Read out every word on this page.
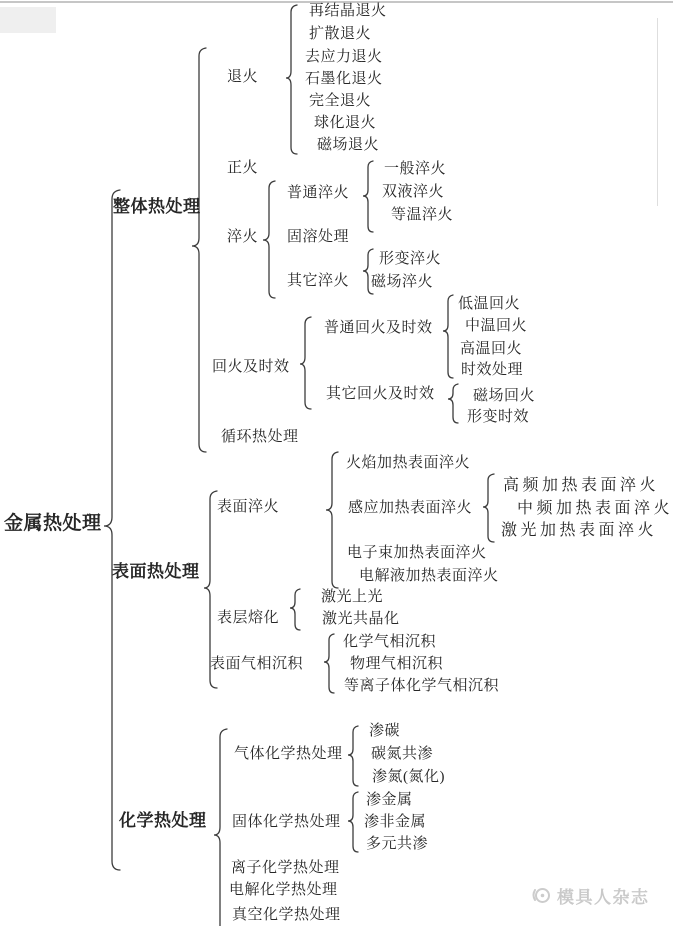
金属热处理
整体热处理
表面热处理
化学热处理
退火
再结晶退火
扩散退火
去应力退火
石墨化退火
完全退火
球化退火
磁场退火
正火
淬火
普通淬火
一般淬火
双液淬火
等温淬火
固溶处理
其它淬火
形变淬火
磁场淬火
回火及时效
普通回火及时效
低温回火
中温回火
高温回火
时效处理
其它回火及时效	磁场回火
形变时效
循环热处理
表面淬火
火焰加热表面淬火
感应加热表面淬火
高频加热表面淬火
中频加热表面淬火
激光加热表面淬火
电子束加热表面淬火
电解液加热表面淬火
表层熔化
激光上光
激光共晶化
表面气相沉积
化学气相沉积
物理气相沉积
等离子体化学气相沉积
气体化学热处理
渗碳
碳氮共渗
渗氮(氮化)
固体化学热处理
渗金属
渗非金属
多元共渗
离子化学热处理
电解化学热处理
真空化学热处理
模具人杂志
